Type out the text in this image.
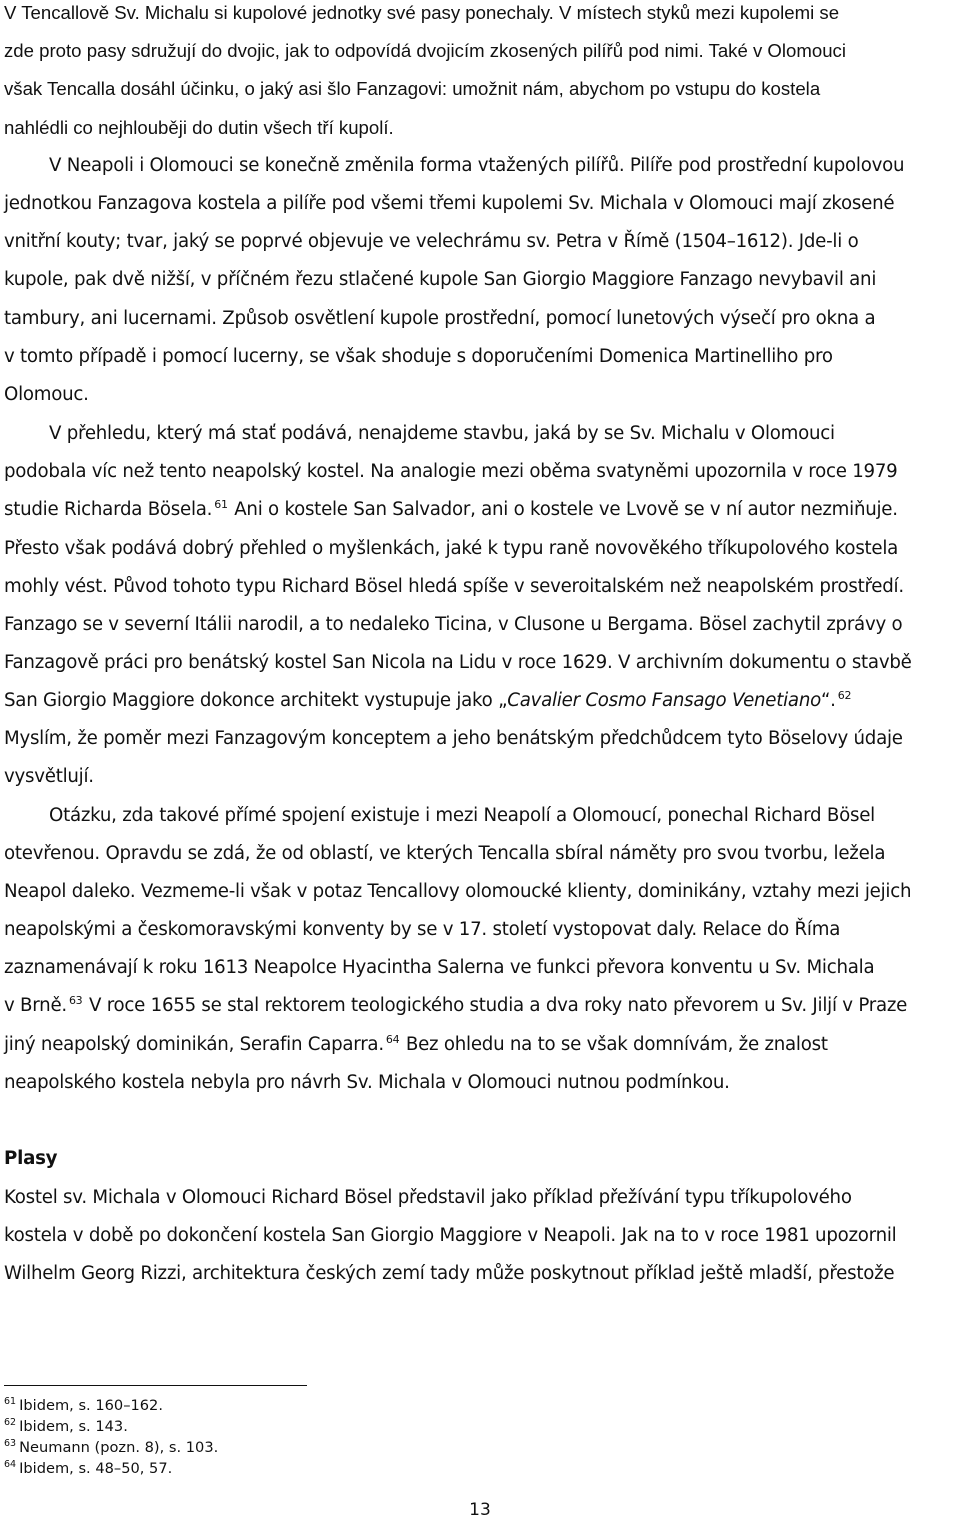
V Tencallově Sv. Michalu si kupolové jednotky své pasy ponechaly. V místech styků mezi kupolemi se

zde proto pasy sdružují do dvojic, jak to odpovídá dvojicím zkosených pilířů pod nimi. Také v Olomouci

však Tencalla dosáhl účinku, o jaký asi šlo Fanzagovi: umožnit nám, abychom po vstupu do kostela

nahlédli co nejhlouběji do dutin všech tří kupolí.

V Neapoli i Olomouci se konečně změnila forma vtažených pilířů. Pilíře pod prostřední kupolovou

jednotkou Fanzagova kostela a pilíře pod všemi třemi kupolemi Sv. Michala v Olomouci mají zkosené

vnitřní kouty; tvar, jaký se poprvé objevuje ve velechrámu sv. Petra v Římě (1504–1612). Jde-li o

kupole, pak dvě nižší, v příčném řezu stlačené kupole San Giorgio Maggiore Fanzago nevybavil ani

tambury, ani lucernami. Způsob osvětlení kupole prostřední, pomocí lunetových výsečí pro okna a

v tomto případě i pomocí lucerny, se však shoduje s doporučeními Domenica Martinelliho pro

Olomouc.

V přehledu, který má stať podává, nenajdeme stavbu, jaká by se Sv. Michalu v Olomouci

podobala víc než tento neapolský kostel. Na analogie mezi oběma svatyněmi upozornila v roce 1979

studie Richarda Bösela. $^{61}$ Ani o kostele San Salvador, ani o kostele ve Lvově se v ní autor nezmiňuje.

Přesto však podává dobrý přehled o myšlenkách, jaké k typu raně novověkého tříkupolového kostela

mohly vést. Původ tohoto typu Richard Bösel hledá spíše v severoitalském než neapolském prostředí.

Fanzago se v severní Itálii narodil, a to nedaleko Ticina, v Clusone u Bergama. Bösel zachytil zprávy o

Fanzagově práci pro benátský kostel San Nicola na Lidu v roce 1629. V archivním dokumentu o stavbě

San Giorgio Maggiore dokonce architekt vystupuje jako „Cavalier Cosmo Fansago Venetiano“. $^{62}$

Myslím, že poměr mezi Fanzagovým konceptem a jeho benátským předchůdcem tyto Böselovy údaje

vysvětlují.

Otázku, zda takové přímé spojení existuje i mezi Neapolí a Olomoucí, ponechal Richard Bösel

otevřenou. Opravdu se zdá, že od oblastí, ve kterých Tencalla sbíral náměty pro svou tvorbu, ležela

Neapol daleko. Vezmeme-li však v potaz Tencallovy olomoucké klienty, dominikány, vztahy mezi jejich

neapolskými a českomoravskými konventy by se v 17. století vystopovat daly. Relace do Říma

zaznamenávají k roku 1613 Neapolce Hyacintha Salerna ve funkci převora konventu u Sv. Michala

v Brně. $^{63}$ V roce 1655 se stal rektorem teologického studia a dva roky nato převorem u Sv. Jiljí v Praze

jiný neapolský dominikán, Serafin Caparra. $^{64}$ Bez ohledu na to se však domnívám, že znalost

neapolského kostela nebyla pro návrh Sv. Michala v Olomouci nutnou podmínkou.

Plasy

Kostel sv. Michala v Olomouci Richard Bösel představil jako příklad přežívání typu tříkupolového

kostela v době po dokončení kostela San Giorgio Maggiore v Neapoli. Jak na to v roce 1981 upozornil

Wilhelm Georg Rizzi, architektura českých zemí tady může poskytnout příklad ještě mladší, přestože

$^{61}$ Ibidem, s. 160–162.

$^{62}$ Ibidem, s. 143.

$^{63}$ Neumann (pozn. 8), s. 103.

$^{64}$ Ibidem, s. 48–50, 57.

13
